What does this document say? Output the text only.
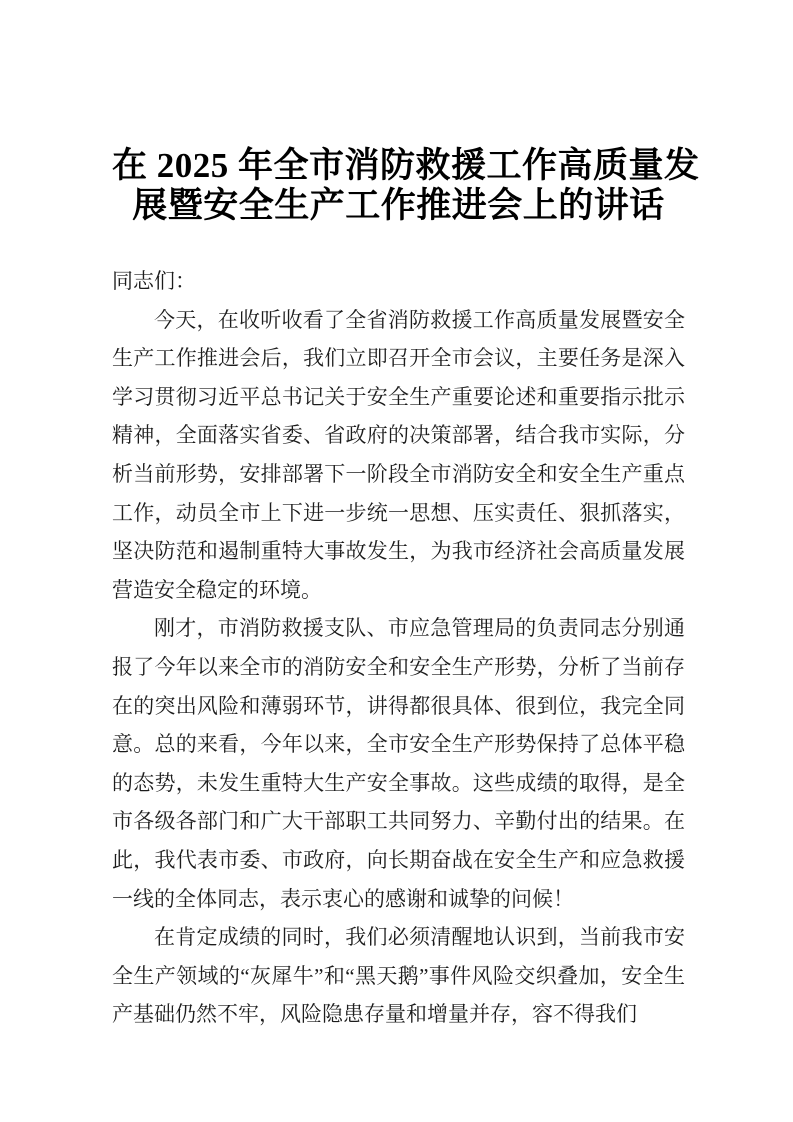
在 2025 年全市消防救援工作高质量发
展暨安全生产工作推进会上的讲话

同志们：

今天，在收听收看了全省消防救援工作高质量发展暨安全生产工作推进会后，我们立即召开全市会议，主要任务是深入学习贯彻习近平总书记关于安全生产重要论述和重要指示批示精神，全面落实省委、省政府的决策部署，结合我市实际，分析当前形势，安排部署下一阶段全市消防安全和安全生产重点工作，动员全市上下进一步统一思想、压实责任、狠抓落实，坚决防范和遏制重特大事故发生，为我市经济社会高质量发展营造安全稳定的环境。

刚才，市消防救援支队、市应急管理局的负责同志分别通报了今年以来全市的消防安全和安全生产形势，分析了当前存在的突出风险和薄弱环节，讲得都很具体、很到位，我完全同意。总的来看，今年以来，全市安全生产形势保持了总体平稳的态势，未发生重特大生产安全事故。这些成绩的取得，是全市各级各部门和广大干部职工共同努力、辛勤付出的结果。在此，我代表市委、市政府，向长期奋战在安全生产和应急救援一线的全体同志，表示衷心的感谢和诚挚的问候！

在肯定成绩的同时，我们必须清醒地认识到，当前我市安全生产领域的“灰犀牛”和“黑天鹅”事件风险交织叠加，安全生产基础仍然不牢，风险隐患存量和增量并存，容不得我们
